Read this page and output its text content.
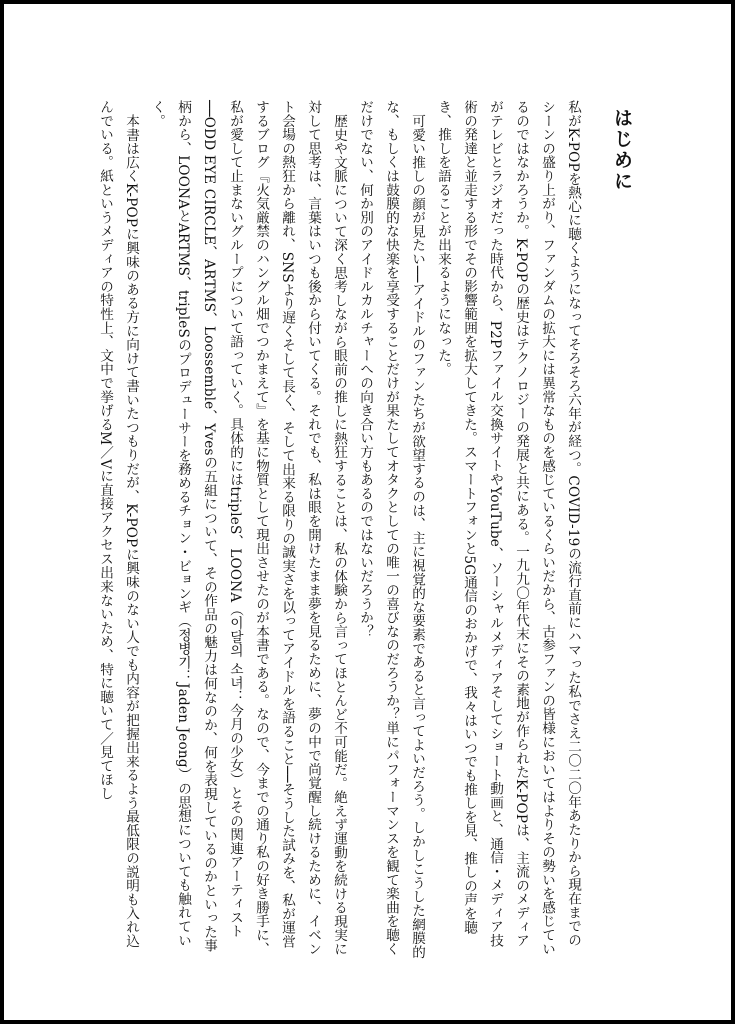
はじめに

私がK-POPを熱心に聴くようになってそろそろ六年が経つ。COVID-19の流行直前にハマった私でさえ二〇二〇年あたりから現在までのシーンの盛り上がり、ファンダムの拡大には異常なものを感じているくらいだから、古参ファンの皆様においてはよりその勢いを感じているのではなかろうか。K-POPの歴史はテクノロジーの発展と共にある。一九九〇年代末にその素地が作られたK-POPは、主流のメディアがテレビとラジオだった時代から、P2Pファイル交換サイトやYouTube、ソーシャルメディアそしてショート動画と、通信・メディア技術の発達と並走する形でその影響範囲を拡大してきた。スマートフォンと5G通信のおかげで、我々はいつでも推しを見、推しの声を聴き、推しを語ることが出来るようになった。

可愛い推しの顔が見たい──アイドルのファンたちが欲望するのは、主に視覚的な要素であると言ってよいだろう。しかしこうした網膜的な、もしくは鼓膜的な快楽を享受することだけが果たしてオタクとしての唯一の喜びなのだろうか？単にパフォーマンスを観て楽曲を聴くだけでない、何か別のアイドルカルチャーへの向き合い方もあるのではないだろうか？

歴史や文脈について深く思考しながら眼前の推しに熱狂することは、私の体験から言ってほとんど不可能だ。絶えず運動を続ける現実に対して思考は、言葉はいつも後から付いてくる。それでも、私は眼を開けたまま夢を見るために、夢の中で尚覚醒し続けるために、イベント会場の熱狂から離れ、SNSより遅くそして長く、そして出来る限りの誠実さを以ってアイドルを語ること──そうした試みを、私が運営するブログ『火気厳禁のハングル畑でつかまえて』を基に物質として現出させたのが本書である。なので、今までの通り私の好き勝手に、私が愛して止まないグループについて語っていく。具体的にはtripleS、LOONA（이달의 소녀：今月の少女）とその関連アーティスト──ODD EYE CIRCLE、ARTMS、Loossemble、Yvesの五組について、その作品の魅力は何なのか、何を表現しているのかといった事柄から、LOONAとARTMS、tripleSのプロデューサーを務めるチョン・ビョンギ（정병기：Jaden Jeong）の思想についても触れていく。

本書は広くK-POPに興味のある方に向けて書いたつもりだが、K-POPに興味のない人でも内容が把握出来るよう最低限の説明も入れ込んでいる。紙というメディアの特性上、文中で挙げるM／Vに直接アクセス出来ないため、特に聴いて／見てほし
